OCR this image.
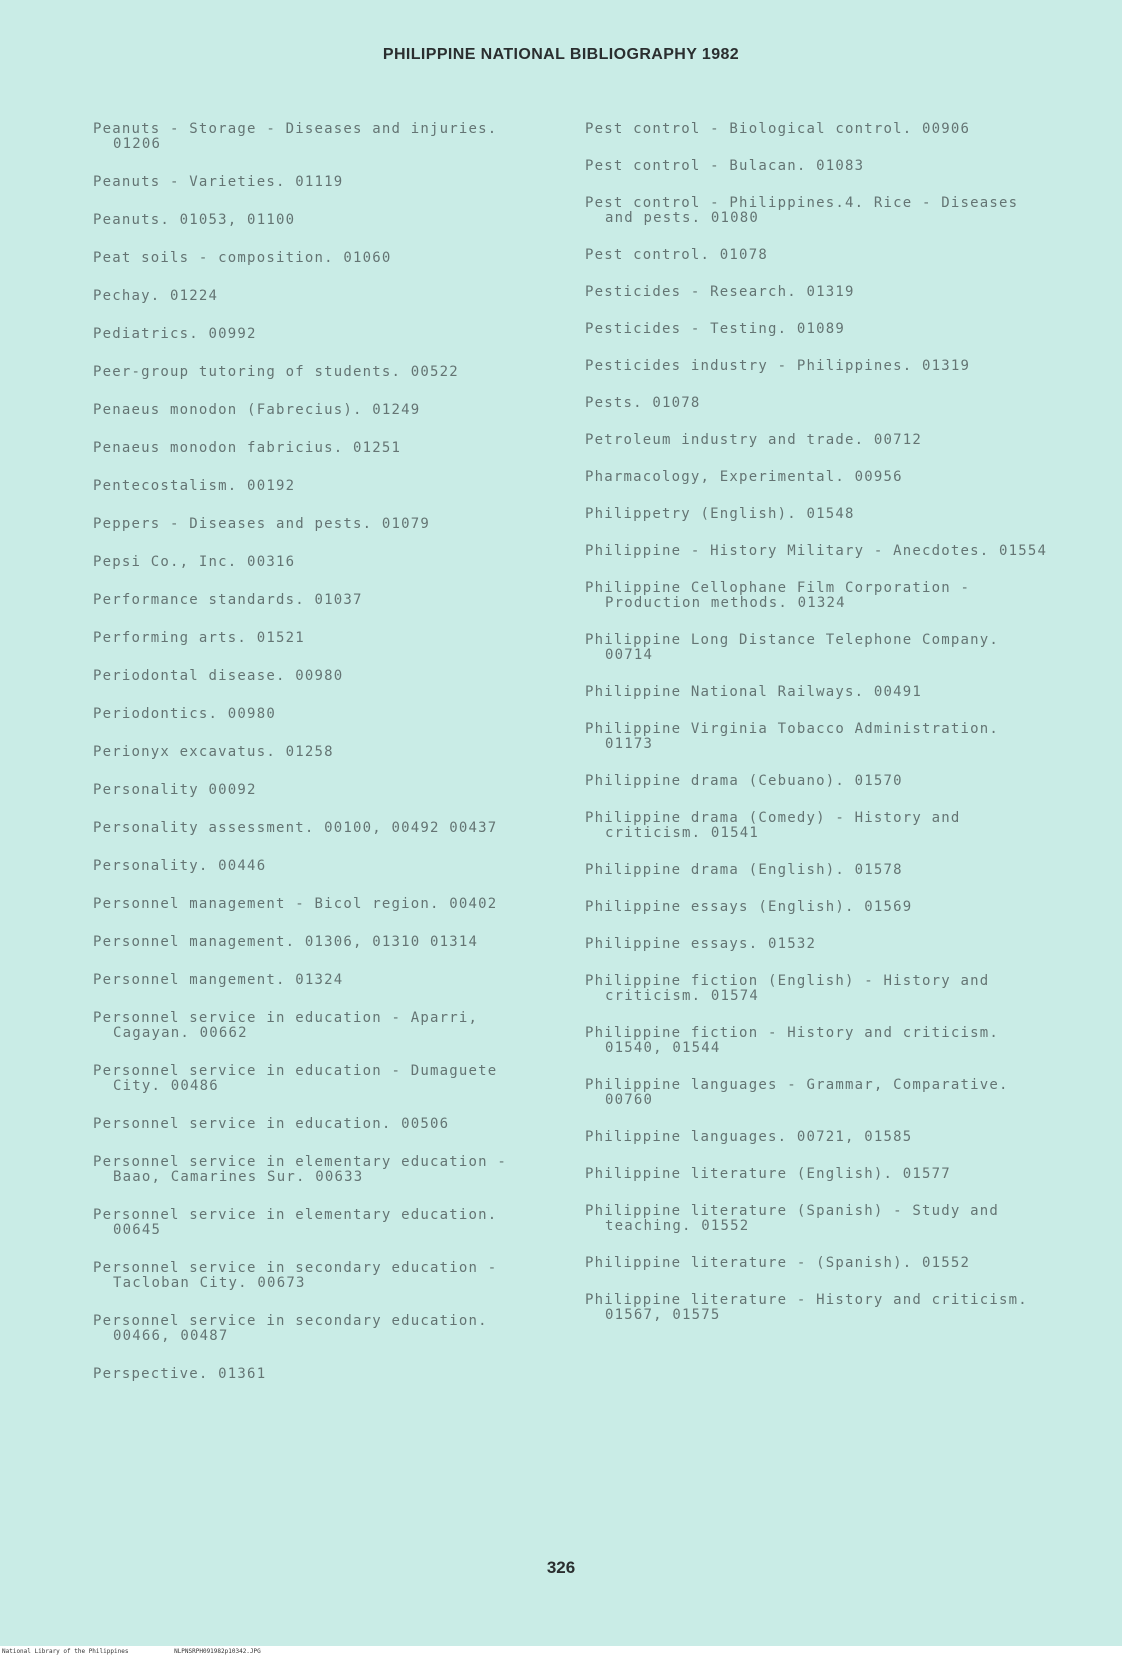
PHILIPPINE NATIONAL BIBLIOGRAPHY 1982
Peanuts - Storage - Diseases and injuries. 01206
Peanuts - Varieties. 01119
Peanuts. 01053, 01100
Peat soils - composition. 01060
Pechay. 01224
Pediatrics. 00992
Peer-group tutoring of students. 00522
Penaeus monodon (Fabrecius). 01249
Penaeus monodon fabricius. 01251
Pentecostalism. 00192
Peppers - Diseases and pests. 01079
Pepsi Co., Inc. 00316
Performance standards. 01037
Performing arts. 01521
Periodontal disease. 00980
Periodontics. 00980
Perionyx excavatus. 01258
Personality 00092
Personality assessment. 00100, 00492 00437
Personality. 00446
Personnel management - Bicol region. 00402
Personnel management. 01306, 01310 01314
Personnel mangement. 01324
Personnel service in education - Aparri, Cagayan. 00662
Personnel service in education - Dumaguete City. 00486
Personnel service in education. 00506
Personnel service in elementary education - Baao, Camarines Sur. 00633
Personnel service in elementary education. 00645
Personnel service in secondary education - Tacloban City. 00673
Personnel service in secondary education. 00466, 00487
Perspective. 01361
Pest control - Biological control. 00906
Pest control - Bulacan. 01083
Pest control - Philippines.4. Rice - Diseases and pests. 01080
Pest control. 01078
Pesticides - Research. 01319
Pesticides - Testing. 01089
Pesticides industry - Philippines. 01319
Pests. 01078
Petroleum industry and trade. 00712
Pharmacology, Experimental. 00956
Philippetry (English). 01548
Philippine - History Military - Anecdotes. 01554
Philippine Cellophane Film Corporation - Production methods. 01324
Philippine Long Distance Telephone Company. 00714
Philippine National Railways. 00491
Philippine Virginia Tobacco Administration. 01173
Philippine drama (Cebuano). 01570
Philippine drama (Comedy) - History and criticism. 01541
Philippine drama (English). 01578
Philippine essays (English). 01569
Philippine essays. 01532
Philippine fiction (English) - History and criticism. 01574
Philippine fiction - History and criticism. 01540, 01544
Philippine languages - Grammar, Comparative. 00760
Philippine languages. 00721, 01585
Philippine literature (English). 01577
Philippine literature (Spanish) - Study and teaching. 01552
Philippine literature - (Spanish). 01552
Philippine literature - History and criticism. 01567, 01575
326
National Library of the Philippines	NLPNSRPH091982p10342.JPG
